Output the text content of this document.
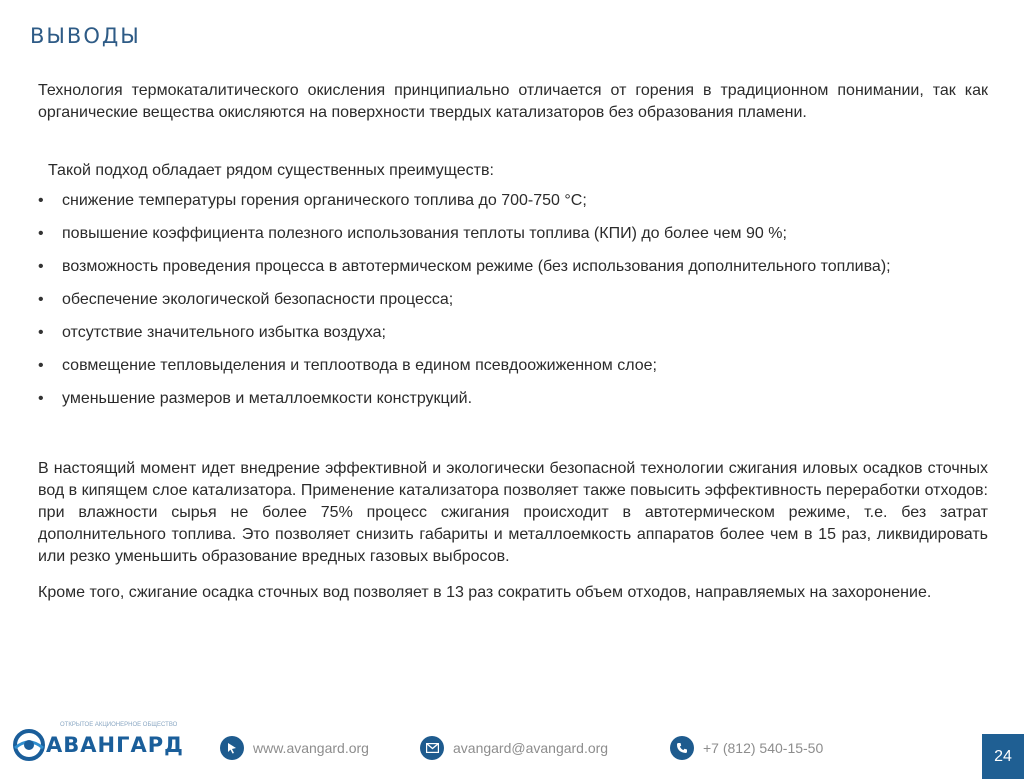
ВЫВОДЫ

Технология термокаталитического окисления принципиально отличается от горения в традиционном понимании, так как органические вещества окисляются на поверхности твердых катализаторов без образования пламени.

Такой подход обладает рядом существенных преимуществ:
• снижение температуры горения органического топлива до 700-750 °С;
• повышение коэффициента полезного использования теплоты топлива (КПИ) до более чем 90 %;
• возможность проведения процесса в автотермическом режиме (без использования дополнительного топлива);
• обеспечение экологической безопасности процесса;
• отсутствие значительного избытка воздуха;
• совмещение тепловыделения и теплоотвода в едином псевдоожиженном слое;
• уменьшение размеров и металлоемкости конструкций.

В настоящий момент идет внедрение эффективной и экологически безопасной технологии сжигания иловых осадков сточных вод в кипящем слое катализатора. Применение катализатора позволяет также повысить эффективность переработки отходов: при влажности сырья не более 75% процесс сжигания происходит в автотермическом режиме, т.е. без затрат дополнительного топлива. Это позволяет снизить габариты и металлоемкость аппаратов более чем в 15 раз, ликвидировать или резко уменьшить образование вредных газовых выбросов.

Кроме того, сжигание осадка сточных вод позволяет в 13 раз сократить объем отходов, направляемых на захоронение.

ОТКРЫТОЕ АКЦИОНЕРНОЕ ОБЩЕСТВО
АВАНГАРД	www.avangard.org	avangard@avangard.org	+7 (812) 540-15-50	24
